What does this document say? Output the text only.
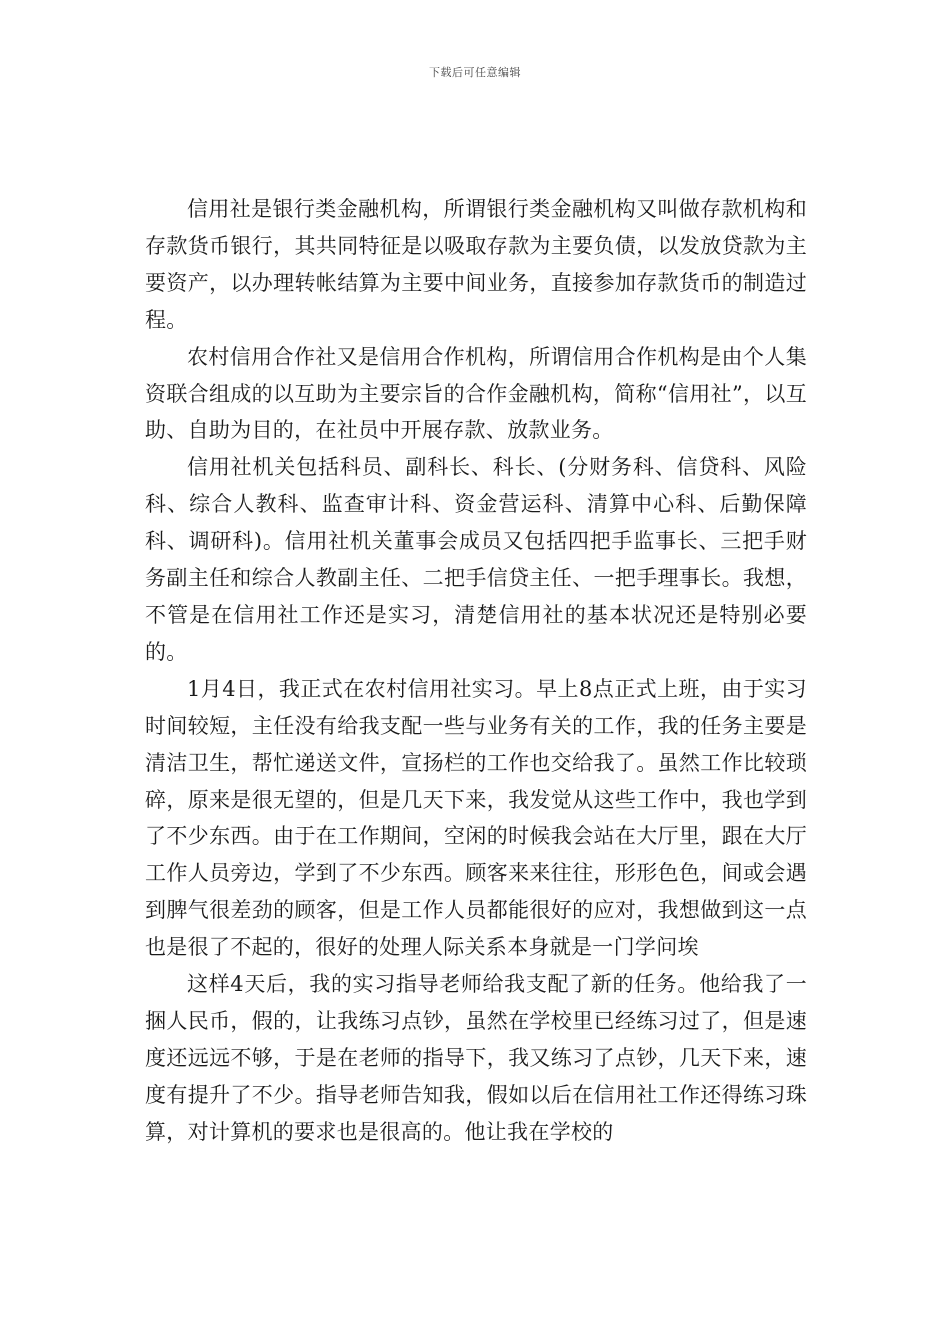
下载后可任意编辑

信用社是银行类金融机构，所谓银行类金融机构又叫做存款机构和存款货币银行，其共同特征是以吸取存款为主要负债，以发放贷款为主要资产，以办理转帐结算为主要中间业务，直接参加存款货币的制造过程。

农村信用合作社又是信用合作机构，所谓信用合作机构是由个人集资联合组成的以互助为主要宗旨的合作金融机构，简称“信用社”，以互助、自助为目的，在社员中开展存款、放款业务。

信用社机关包括科员、副科长、科长、(分财务科、信贷科、风险科、综合人教科、监查审计科、资金营运科、清算中心科、后勤保障科、调研科)。信用社机关董事会成员又包括四把手监事长、三把手财务副主任和综合人教副主任、二把手信贷主任、一把手理事长。我想，不管是在信用社工作还是实习，清楚信用社的基本状况还是特别必要的。

1月4日，我正式在农村信用社实习。早上8点正式上班，由于实习时间较短，主任没有给我支配一些与业务有关的工作，我的任务主要是清洁卫生，帮忙递送文件，宣扬栏的工作也交给我了。虽然工作比较琐碎，原来是很无望的，但是几天下来，我发觉从这些工作中，我也学到了不少东西。由于在工作期间，空闲的时候我会站在大厅里，跟在大厅工作人员旁边，学到了不少东西。顾客来来往往，形形色色，间或会遇到脾气很差劲的顾客，但是工作人员都能很好的应对，我想做到这一点也是很了不起的，很好的处理人际关系本身就是一门学问埃

这样4天后，我的实习指导老师给我支配了新的任务。他给我了一捆人民币，假的，让我练习点钞，虽然在学校里已经练习过了，但是速度还远远不够，于是在老师的指导下，我又练习了点钞，几天下来，速度有提升了不少。指导老师告知我，假如以后在信用社工作还得练习珠算，对计算机的要求也是很高的。他让我在学校的
